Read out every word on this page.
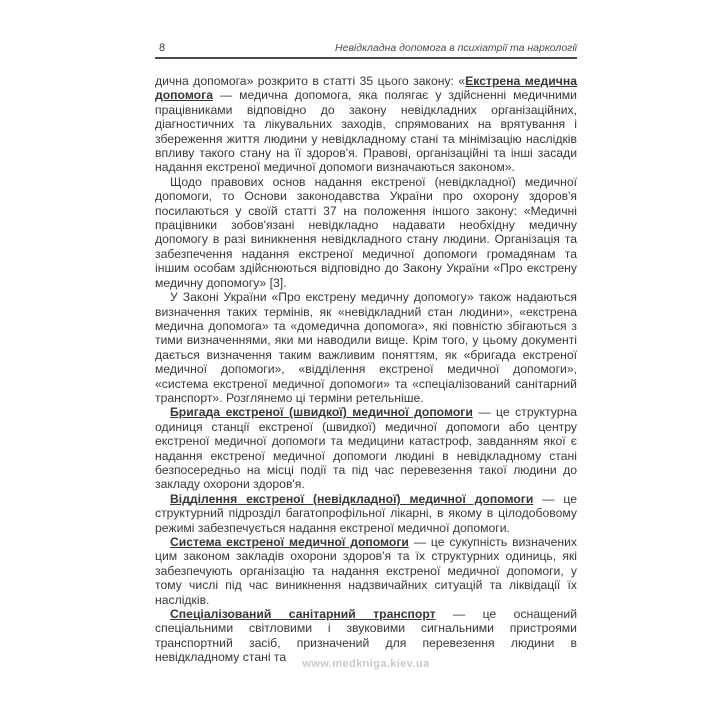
8	Невідкладна допомога в психіатрії та наркології

дична допомога» розкрито в статті 35 цього закону: «Екстрена медична допомога — медична допомога, яка полягає у здійсненні медичними працівниками відповідно до закону невідкладних організаційних, діагностичних та лікувальних заходів, спрямованих на врятування і збереження життя людини у невідкладному стані та мінімізацію наслідків впливу такого стану на її здоров'я. Правові, організаційні та інші засади надання екстреної медичної допомоги визначаються законом».

Щодо правових основ надання екстреної (невідкладної) медичної допомоги, то Основи законодавства України про охорону здоров'я посилаються у своїй статті 37 на положення іншого закону: «Медичні працівники зобов'язані невідкладно надавати необхідну медичну допомогу в разі виникнення невідкладного стану людини. Організація та забезпечення надання екстреної медичної допомоги громадянам та іншим особам здійснюються відповідно до Закону України «Про екстрену медичну допомогу» [3].

У Законі України «Про екстрену медичну допомогу» також надаються визначення таких термінів, як «невідкладний стан людини», «екстрена медична допомога» та «домедична допомога», які повністю збігаються з тими визначеннями, яки ми наводили вище. Крім того, у цьому документі дається визначення таким важливим поняттям, як «бригада екстреної медичної допомоги», «відділення екстреної медичної допомоги», «система екстреної медичної допомоги» та «спеціалізований санітарний транспорт». Розглянемо ці терміни ретельніше.

Бригада екстреної (швидкої) медичної допомоги — це структурна одиниця станції екстреної (швидкої) медичної допомоги або центру екстреної медичної допомоги та медицини катастроф, завданням якої є надання екстреної медичної допомоги людині в невідкладному стані безпосередньо на місці події та під час перевезення такої людини до закладу охорони здоров'я.

Відділення екстреної (невідкладної) медичної допомоги — це структурний підрозділ багатопрофільної лікарні, в якому в цілодобовому режимі забезпечується надання екстреної медичної допомоги.

Система екстреної медичної допомоги — це сукупність визначених цим законом закладів охорони здоров'я та їх структурних одиниць, які забезпечують організацію та надання екстреної медичної допомоги, у тому числі під час виникнення надзвичайних ситуацій та ліквідації їх наслідків.

Спеціалізований санітарний транспорт — це оснащений спеціальними світловими і звуковими сигнальними пристроями транспортний засіб, призначений для перевезення людини в невідкладному стані та	www.medkniga.kiev.ua
